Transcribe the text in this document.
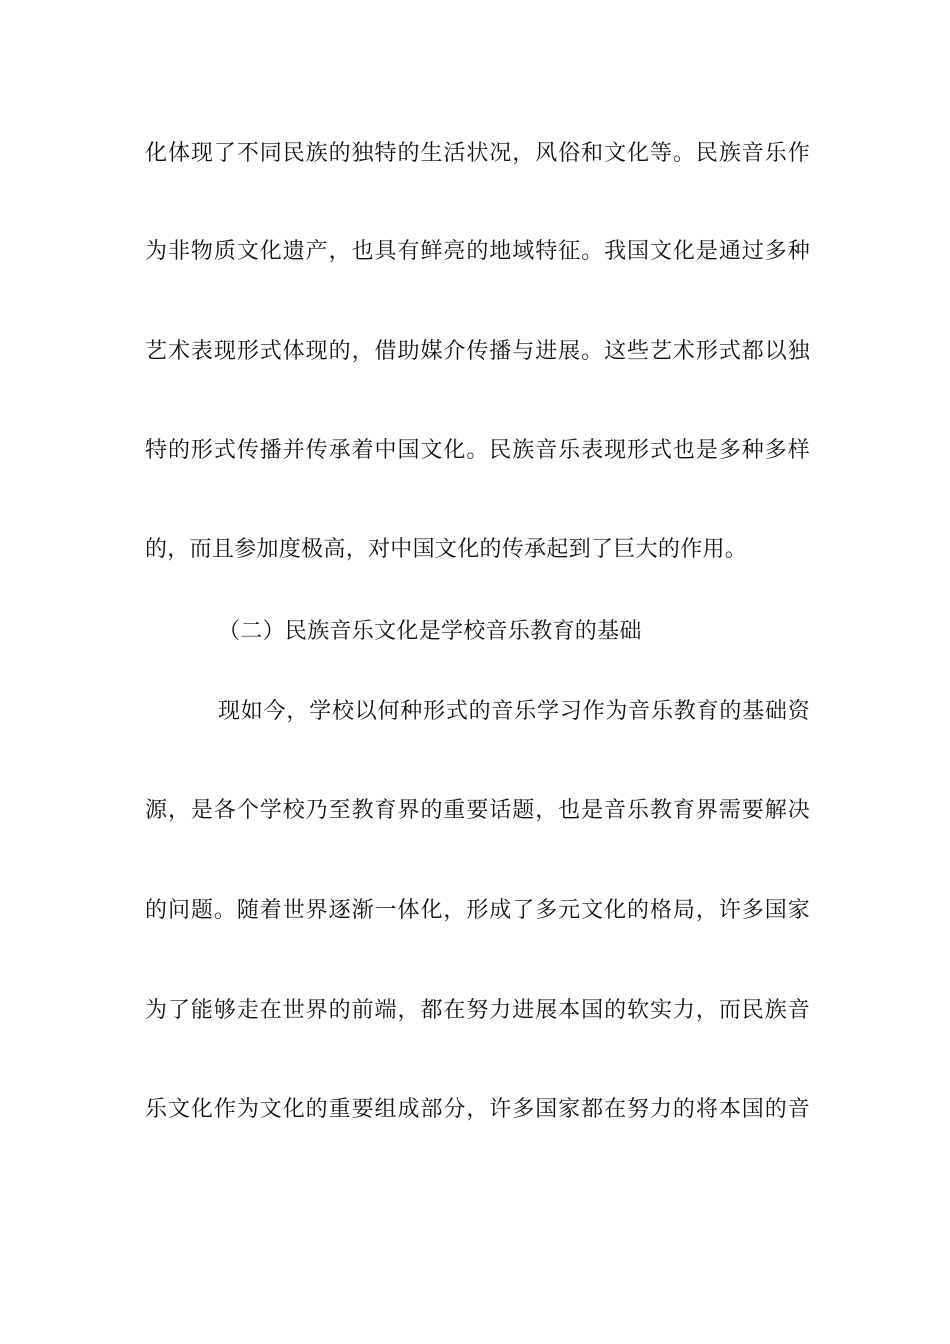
化体现了不同民族的独特的生活状况，风俗和文化等。民族音乐作
为非物质文化遗产，也具有鲜亮的地域特征。我国文化是通过多种
艺术表现形式体现的，借助媒介传播与进展。这些艺术形式都以独
特的形式传播并传承着中国文化。民族音乐表现形式也是多种多样
的，而且参加度极高，对中国文化的传承起到了巨大的作用。
（二）民族音乐文化是学校音乐教育的基础
现如今，学校以何种形式的音乐学习作为音乐教育的基础资
源，是各个学校乃至教育界的重要话题，也是音乐教育界需要解决
的问题。随着世界逐渐一体化，形成了多元文化的格局，许多国家
为了能够走在世界的前端，都在努力进展本国的软实力，而民族音
乐文化作为文化的重要组成部分，许多国家都在努力的将本国的音
